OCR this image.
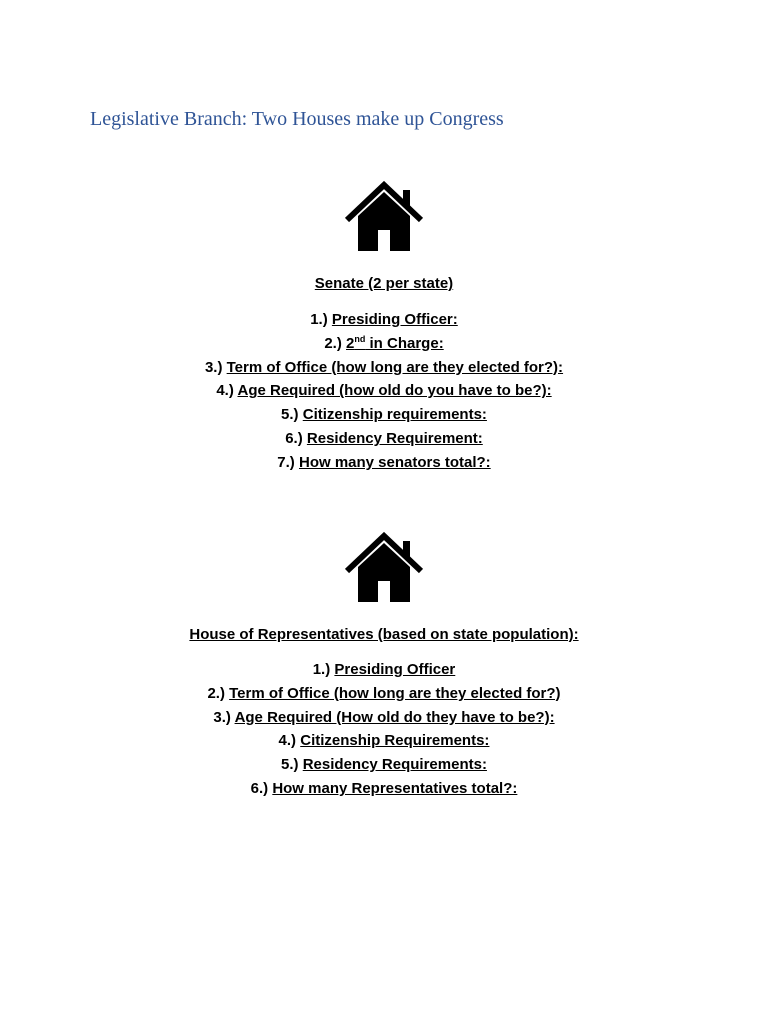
Legislative Branch: Two Houses make up Congress
Senate (2 per state)
1.) Presiding Officer:
2.) 2nd in Charge:
3.) Term of Office (how long are they elected for?):
4.) Age Required (how old do you have to be?):
5.) Citizenship requirements:
6.) Residency Requirement:
7.) How many senators total?:
House of Representatives (based on state population):
1.) Presiding Officer
2.) Term of Office (how long are they elected for?)
3.) Age Required (How old do they have to be?):
4.) Citizenship Requirements:
5.) Residency Requirements:
6.) How many Representatives total?:
